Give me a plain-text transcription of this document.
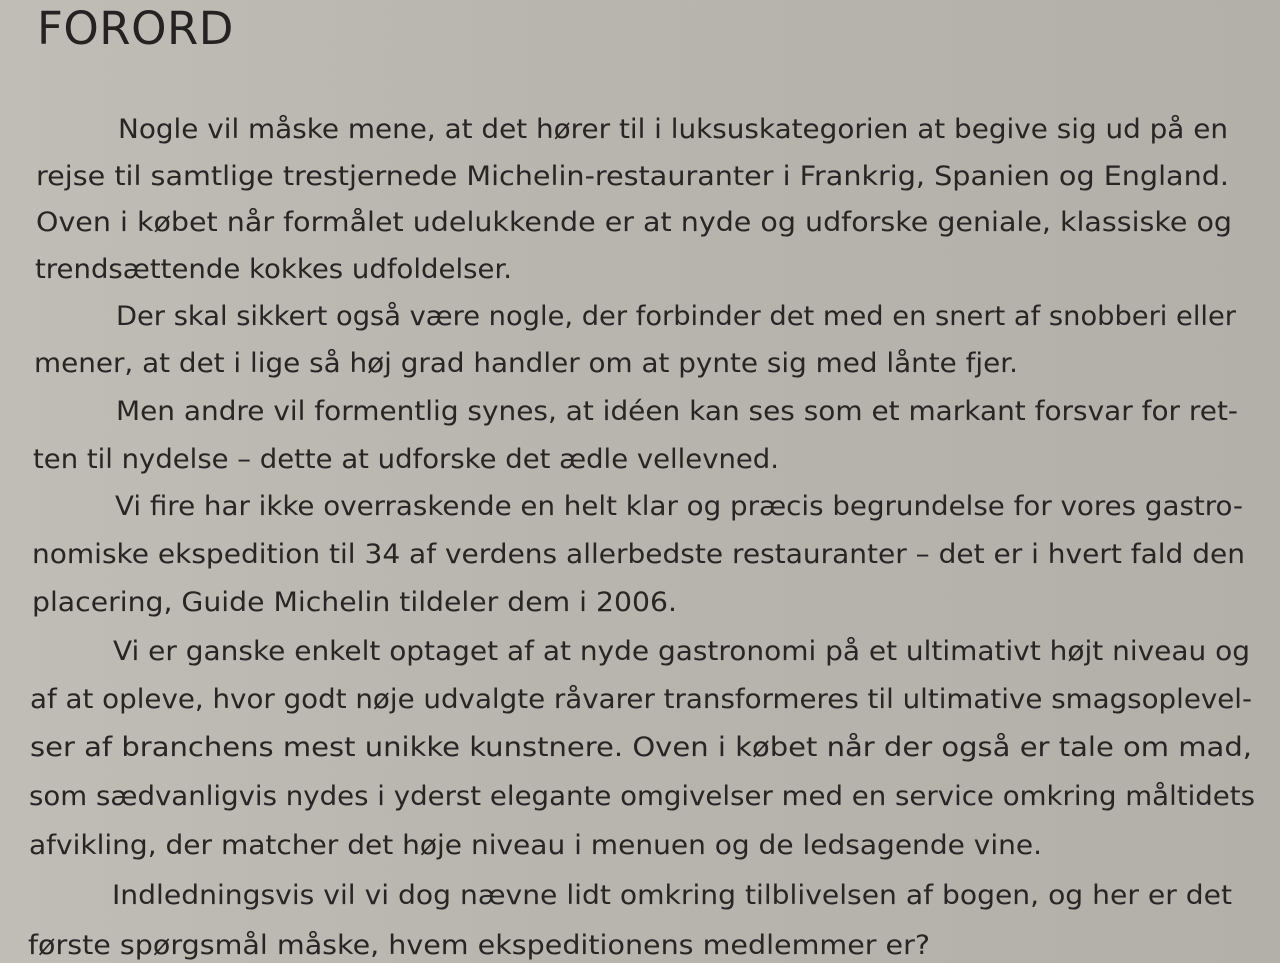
FORORD

Nogle vil måske mene, at det hører til i luksuskategorien at begive sig ud på en

rejse til samtlige trestjernede Michelin-restauranter i Frankrig, Spanien og England.

Oven i købet når formålet udelukkende er at nyde og udforske geniale, klassiske og

trendsættende kokkes udfoldelser.

Der skal sikkert også være nogle, der forbinder det med en snert af snobberi eller

mener, at det i lige så høj grad handler om at pynte sig med lånte fjer.

Men andre vil formentlig synes, at idéen kan ses som et markant forsvar for ret-

ten til nydelse – dette at udforske det ædle vellevned.

Vi fire har ikke overraskende en helt klar og præcis begrundelse for vores gastro-

nomiske ekspedition til 34 af verdens allerbedste restauranter – det er i hvert fald den

placering, Guide Michelin tildeler dem i 2006.

Vi er ganske enkelt optaget af at nyde gastronomi på et ultimativt højt niveau og

af at opleve, hvor godt nøje udvalgte råvarer transformeres til ultimative smagsoplevel-

ser af branchens mest unikke kunstnere. Oven i købet når der også er tale om mad,

som sædvanligvis nydes i yderst elegante omgivelser med en service omkring måltidets

afvikling, der matcher det høje niveau i menuen og de ledsagende vine.

Indledningsvis vil vi dog nævne lidt omkring tilblivelsen af bogen, og her er det

første spørgsmål måske, hvem ekspeditionens medlemmer er?
